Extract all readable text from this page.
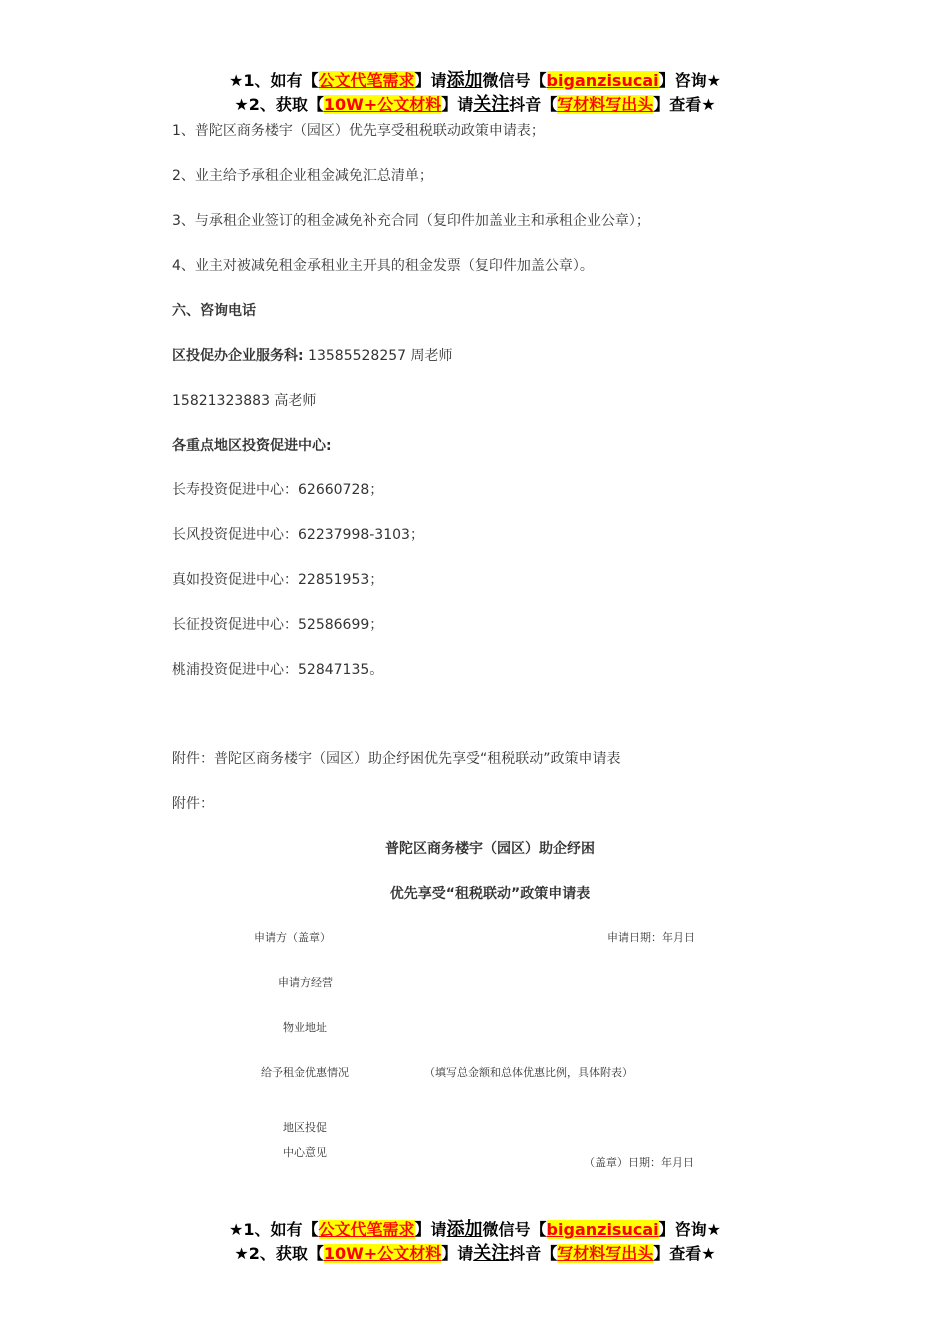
★1、如有【公文代笔需求】请添加微信号【biganzisucai】咨询★
★2、获取【10W+公文材料】请关注抖音【写材料写出头】查看★
1、普陀区商务楼宇（园区）优先享受租税联动政策申请表；
2、业主给予承租企业租金减免汇总清单；
3、与承租企业签订的租金减免补充合同（复印件加盖业主和承租企业公章）；
4、业主对被减免租金承租业主开具的租金发票（复印件加盖公章）。
六、咨询电话
区投促办企业服务科: 13585528257 周老师
15821323883 高老师
各重点地区投资促进中心:
长寿投资促进中心：62660728；
长风投资促进中心：62237998-3103；
真如投资促进中心：22851953；
长征投资促进中心：52586699；
桃浦投资促进中心：52847135。
附件：普陀区商务楼宇（园区）助企纾困优先享受“租税联动”政策申请表
附件：
普陀区商务楼宇（园区）助企纾困
优先享受“租税联动”政策申请表
申请方（盖章）	申请日期：年月日
申请方经营
物业地址
给予租金优惠情况	（填写总金额和总体优惠比例，具体附表）
地区投促
中心意见
（盖章）日期：年月日
★1、如有【公文代笔需求】请添加微信号【biganzisucai】咨询★
★2、获取【10W+公文材料】请关注抖音【写材料写出头】查看★
